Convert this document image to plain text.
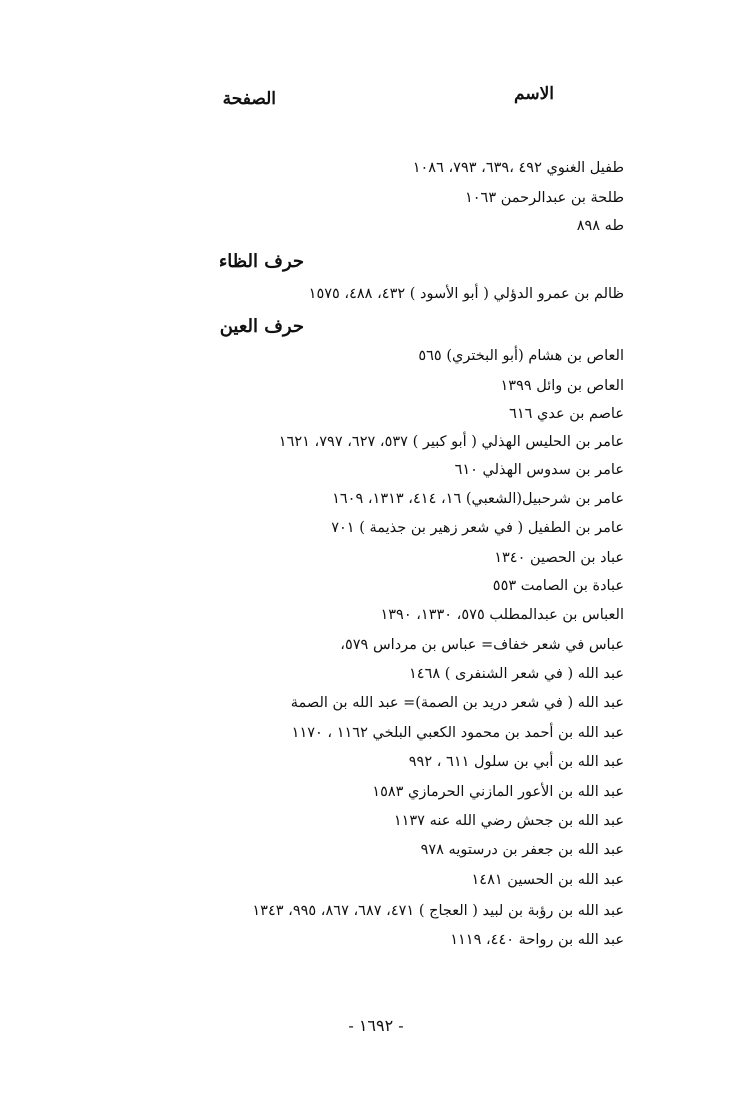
الاسم
الصفحة
طفيل الغنوي ٤٩٢ ،٦٣٩، ٧٩٣، ١٠٨٦
طلحة بن عبدالرحمن ١٠٦٣
طه ٨٩٨
حرف الظاء
ظالم بن عمرو الدؤلي ( أبو الأسود ) ٤٣٢، ٤٨٨، ١٥٧٥
حرف العين
العاص بن هشام (أبو البختري) ٥٦٥
العاص بن وائل ١٣٩٩
عاصم بن عدي ٦١٦
عامر بن الحليس الهذلي ( أبو كبير ) ٥٣٧، ٦٢٧، ٧٩٧، ١٦٢١
عامر بن سدوس الهذلي ٦١٠
عامر بن شرحبيل(الشعبي) ١٦، ٤١٤، ١٣١٣، ١٦٠٩
عامر بن الطفيل ( في شعر زهير بن جذيمة ) ٧٠١
عباد بن الحصين ١٣٤٠
عبادة بن الصامت ٥٥٣
العباس بن عبدالمطلب ٥٧٥، ١٣٣٠، ١٣٩٠
عباس في شعر خفاف= عباس بن مرداس ٥٧٩،
عبد الله ( في شعر الشنفرى ) ١٤٦٨
عبد الله ( في شعر دريد بن الصمة)= عبد الله بن الصمة
عبد الله بن أحمد بن محمود الكعبي البلخي ١١٦٢ ، ١١٧٠
عبد الله بن أبي بن سلول ٦١١ ، ٩٩٢
عبد الله بن الأعور المازني الحرمازي ١٥٨٣
عبد الله بن جحش رضي الله عنه ١١٣٧
عبد الله بن جعفر بن درستويه ٩٧٨
عبد الله بن الحسين ١٤٨١
عبد الله بن رؤبة بن لبيد ( العجاج ) ٤٧١، ٦٨٧، ٨٦٧، ٩٩٥، ١٣٤٣
عبد الله بن رواحة ٤٤٠، ١١١٩
- ١٦٩٢ -
